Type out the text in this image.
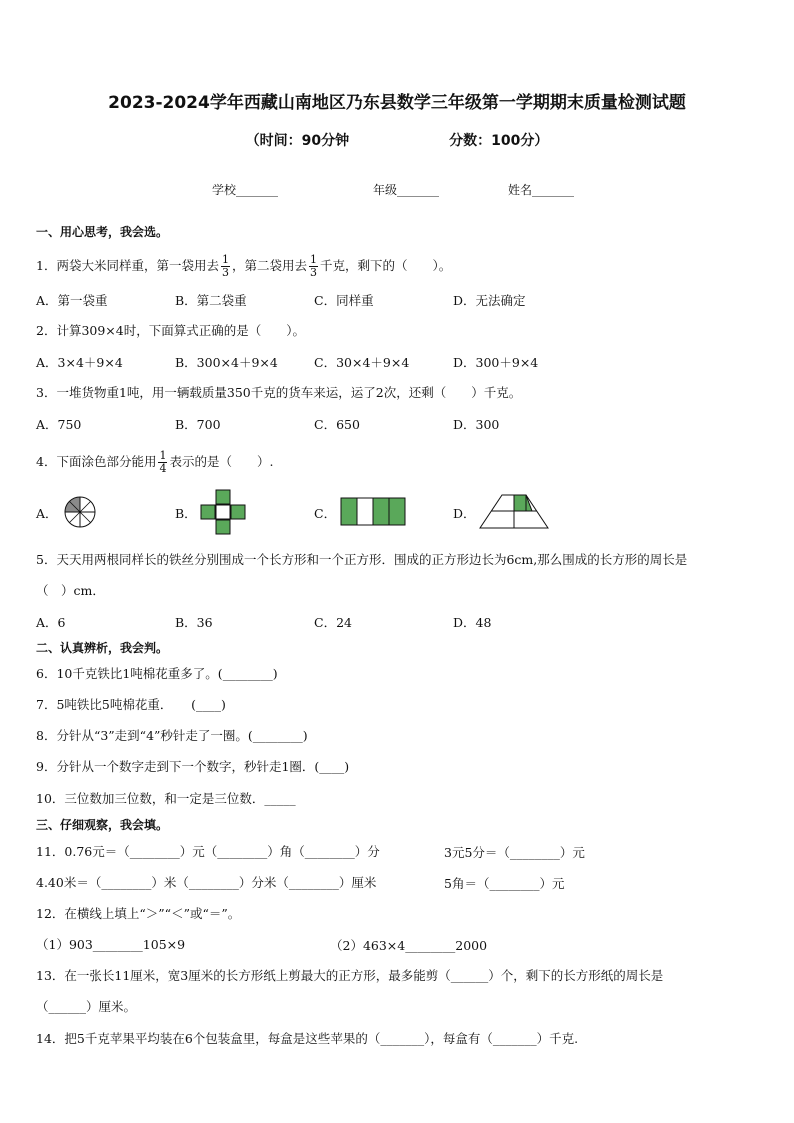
2023-2024学年西藏山南地区乃东县数学三年级第一学期期末质量检测试题
（时间：90分钟	分数：100分）
学校_______	年级_______	姓名_______
一、用心思考，我会选。
1．两袋大米同样重，第一袋用去 $\frac{1}{3}$ ，第二袋用去 $\frac{1}{3}$ 千克，剩下的（　　）。
A．第一袋重	B．第二袋重	C．同样重	D．无法确定
2．计算309×4时，下面算式正确的是（　　）。
A．3×4＋9×4	B．300×4＋9×4	C．30×4＋9×4	D．300＋9×4
3．一堆货物重1吨，用一辆载质量350千克的货车来运，运了2次，还剩（　　）千克。
A．750	B．700	C．650	D．300
4．下面涂色部分能用 $\frac{1}{4}$ 表示的是（　　）.
A．	B．	C．	D．
5．天天用两根同样长的铁丝分别围成一个长方形和一个正方形．围成的正方形边长为6cm,那么围成的长方形的周长是
（　）cm．
A．6	B．36	C．24	D．48
二、认真辨析，我会判。
6．10千克铁比1吨棉花重多了。(________)
7．5吨铁比5吨棉花重．　　(____)
8．分针从“3”走到“4”秒针走了一圈。(________)
9．分针从一个数字走到下一个数字，秒针走1圈．(____)
10．三位数加三位数，和一定是三位数．_____
三、仔细观察，我会填。
11．0.76元＝（________）元（________）角（________）分	3元5分＝（________）元
4.40米＝（________）米（________）分米（________）厘米	5角＝（________）元
12．在横线上填上“＞”“＜”或“＝”。
（1）903________105×9	（2）463×4________2000
13．在一张长11厘米，宽3厘米的长方形纸上剪最大的正方形，最多能剪（______）个，剩下的长方形纸的周长是
（______）厘米。
14．把5千克苹果平均装在6个包装盒里，每盒是这些苹果的（_______），每盒有（_______）千克.
